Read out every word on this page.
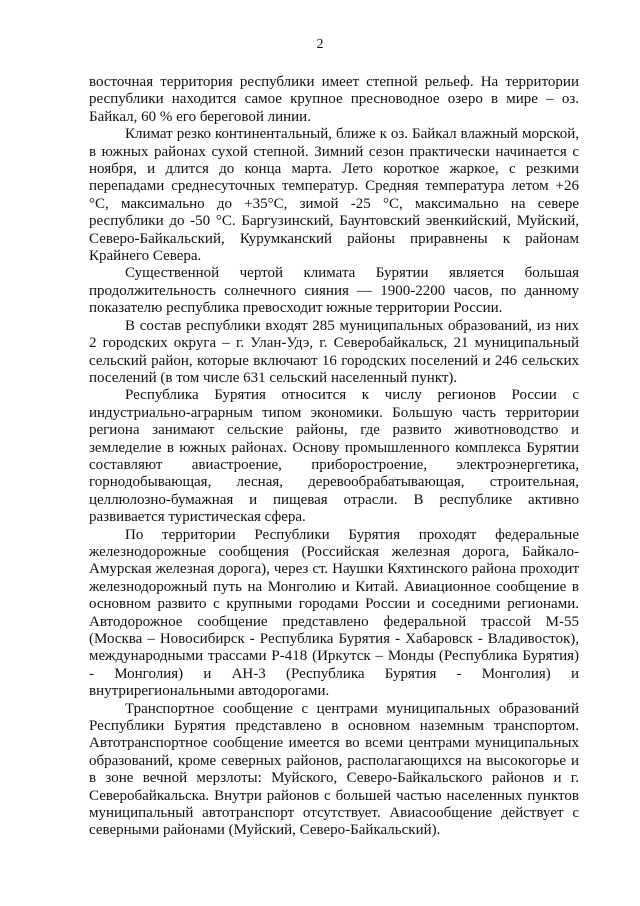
2

восточная территория республики имеет степной рельеф. На территории республики находится самое крупное пресноводное озеро в мире – оз. Байкал, 60 % его береговой линии.

Климат резко континентальный, ближе к оз. Байкал влажный морской, в южных районах сухой степной. Зимний сезон практически начинается с ноября, и длится до конца марта. Лето короткое жаркое, с резкими перепадами среднесуточных температур. Средняя температура летом +26 °C, максимально до +35°C, зимой -25 °C, максимально на севере республики до -50 °C. Баргузинский, Баунтовский эвенкийский, Муйский, Северо-Байкальский, Курумканский районы приравнены к районам Крайнего Севера.

Существенной чертой климата Бурятии является большая продолжительность солнечного сияния — 1900-2200 часов, по данному показателю республика превосходит южные территории России.

В состав республики входят 285 муниципальных образований, из них 2 городских округа – г. Улан-Удэ, г. Северобайкальск, 21 муниципальный сельский район, которые включают 16 городских поселений и 246 сельских поселений (в том числе 631 сельский населенный пункт).

Республика Бурятия относится к числу регионов России с индустриально-аграрным типом экономики. Большую часть территории региона занимают сельские районы, где развито животноводство и земледелие в южных районах. Основу промышленного комплекса Бурятии составляют авиастроение, приборостроение, электроэнергетика, горнодобывающая, лесная, деревообрабатывающая, строительная, целлюлозно-бумажная и пищевая отрасли. В республике активно развивается туристическая сфера.

По территории Республики Бурятия проходят федеральные железнодорожные сообщения (Российская железная дорога, Байкало-Амурская железная дорога), через ст. Наушки Кяхтинского района проходит железнодорожный путь на Монголию и Китай. Авиационное сообщение в основном развито с крупными городами России и соседними регионами. Автодорожное сообщение представлено федеральной трассой М-55 (Москва – Новосибирск - Республика Бурятия - Хабаровск - Владивосток), международными трассами Р-418 (Иркутск – Монды (Республика Бурятия) - Монголия) и АН-3 (Республика Бурятия - Монголия) и внутрирегиональными автодорогами.

Транспортное сообщение с центрами муниципальных образований Республики Бурятия представлено в основном наземным транспортом. Автотранспортное сообщение имеется во всеми центрами муниципальных образований, кроме северных районов, располагающихся на высокогорье и в зоне вечной мерзлоты: Муйского, Северо-Байкальского районов и г. Северобайкальска. Внутри районов с большей частью населенных пунктов муниципальный автотранспорт отсутствует. Авиасообщение действует с северными районами (Муйский, Северо-Байкальский).
